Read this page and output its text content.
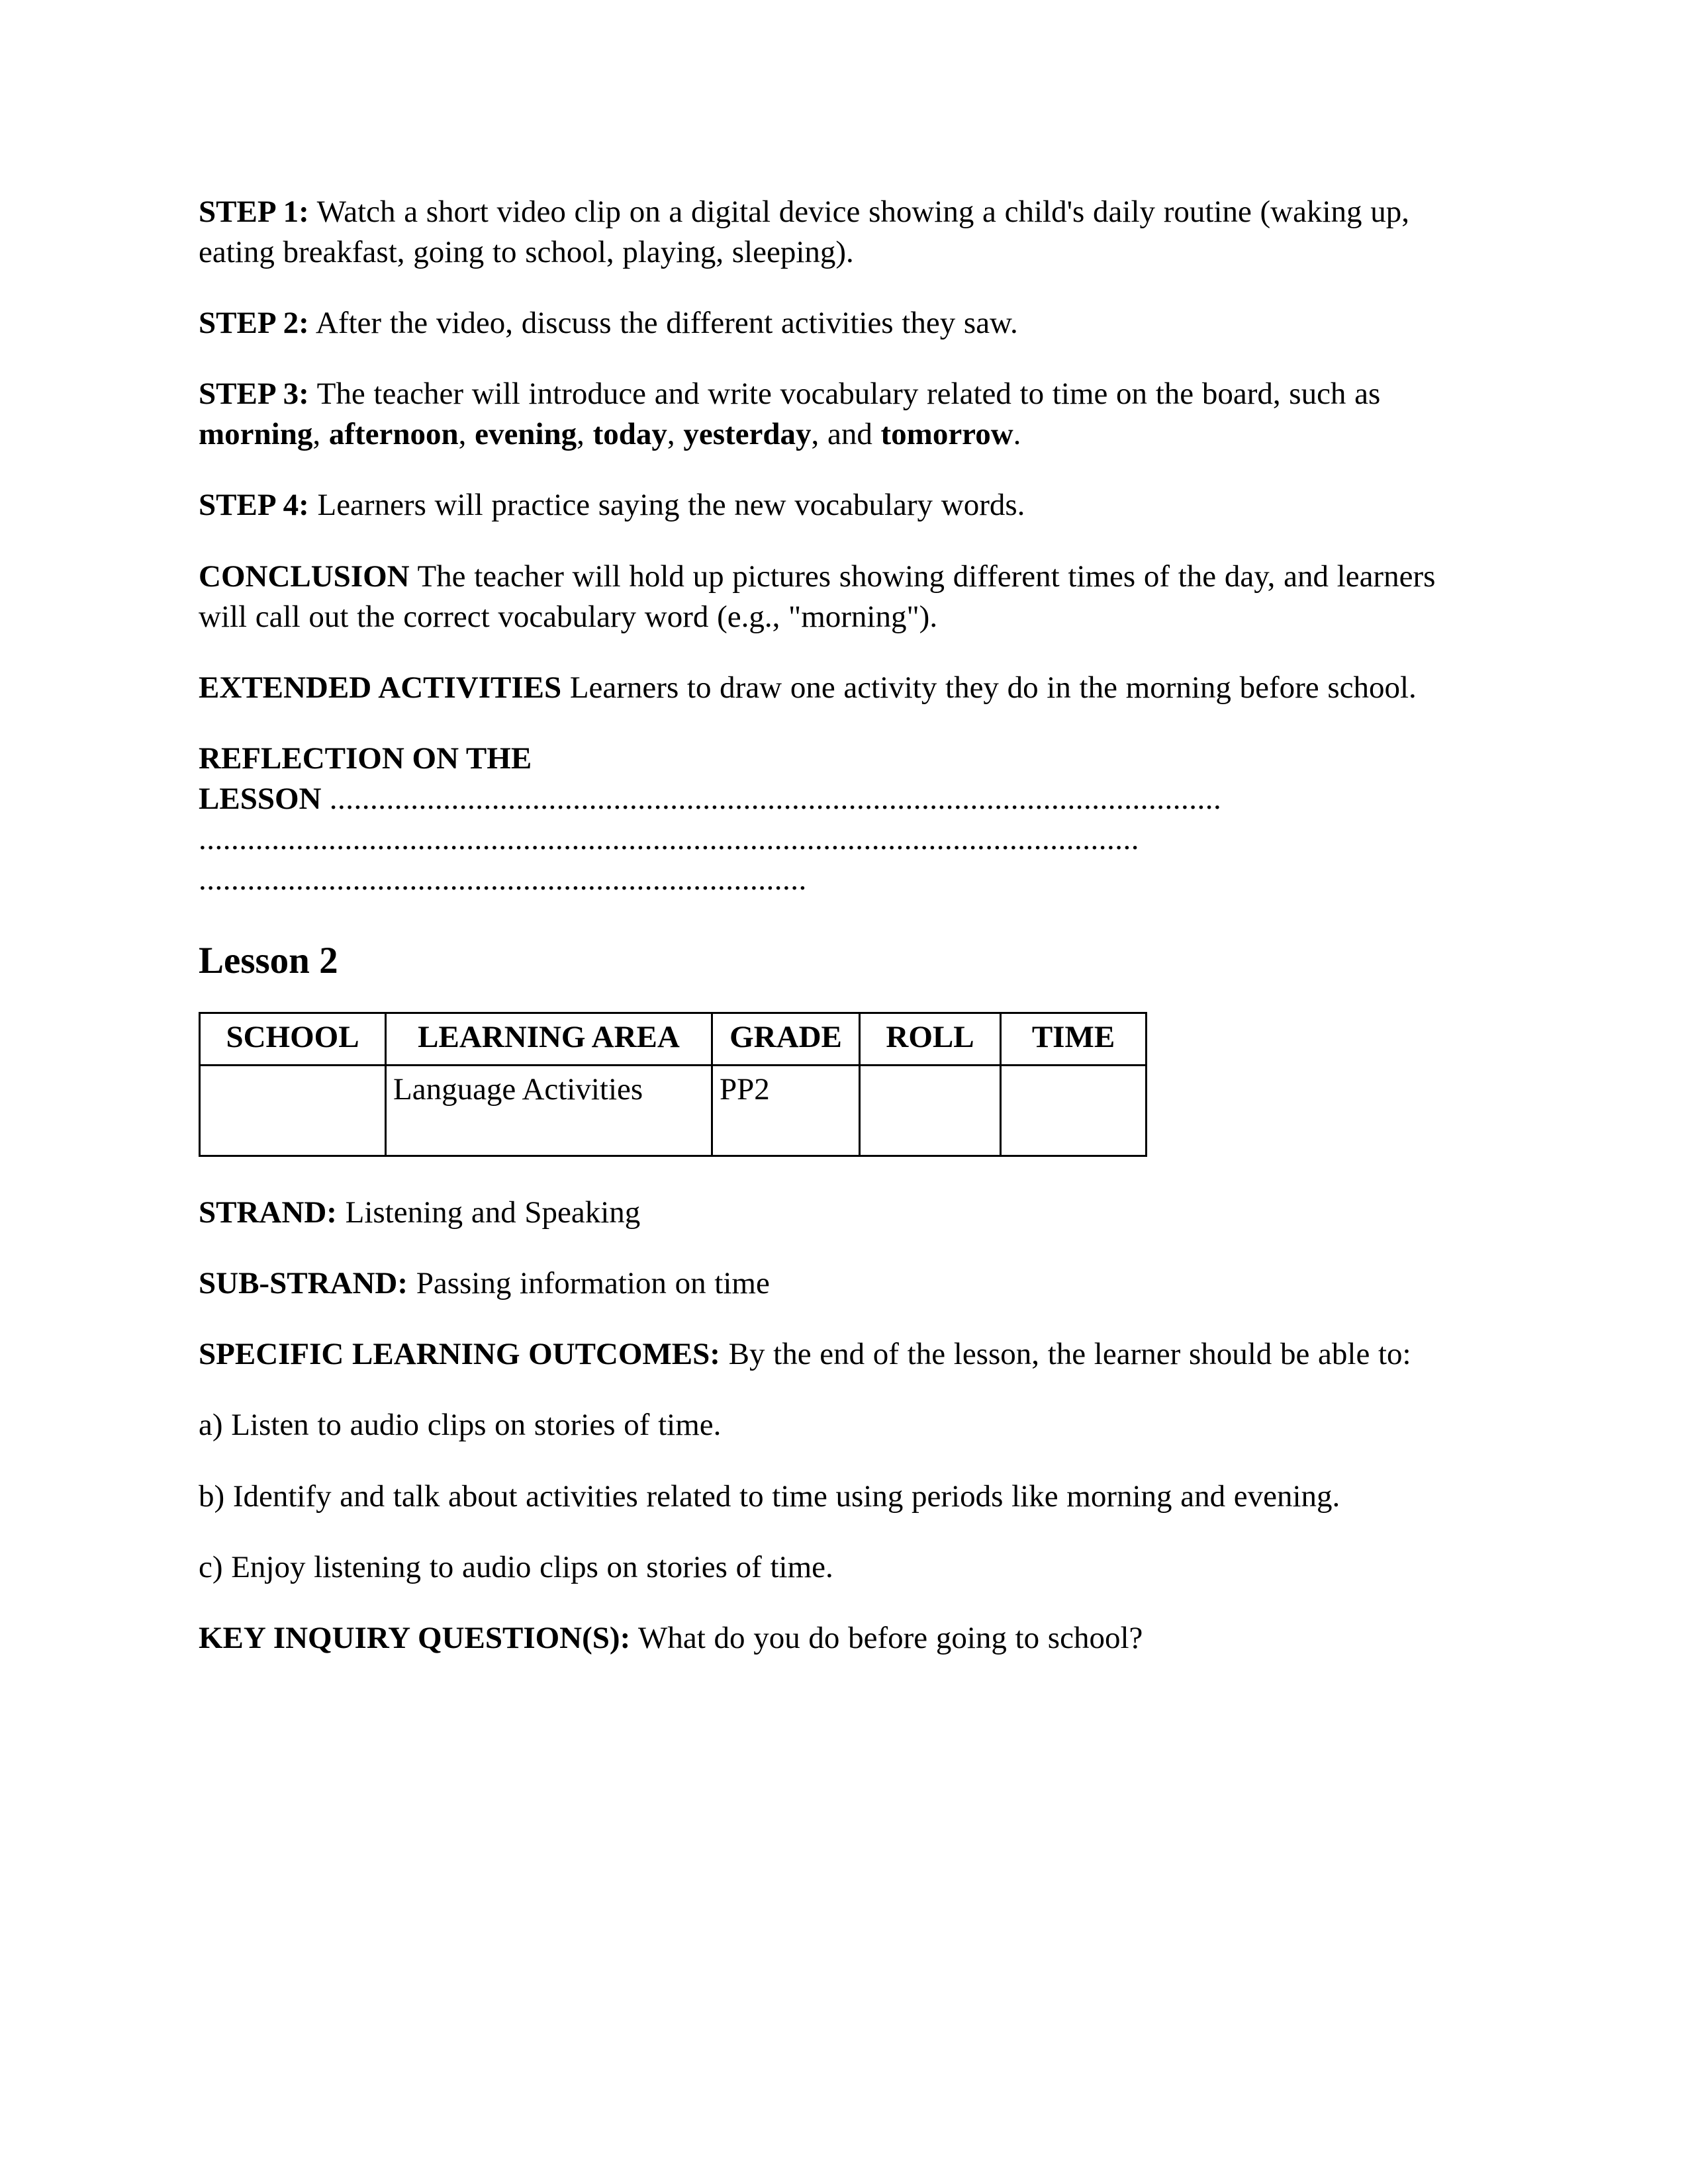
STEP 1: Watch a short video clip on a digital device showing a child's daily routine (waking up, eating breakfast, going to school, playing, sleeping).

STEP 2: After the video, discuss the different activities they saw.

STEP 3: The teacher will introduce and write vocabulary related to time on the board, such as morning, afternoon, evening, today, yesterday, and tomorrow.

STEP 4: Learners will practice saying the new vocabulary words.

CONCLUSION The teacher will hold up pictures showing different times of the day, and learners will call out the correct vocabulary word (e.g., "morning").

EXTENDED ACTIVITIES Learners to draw one activity they do in the morning before school.

REFLECTION ON THE
LESSON ..............................................................................................................
....................................................................................................................
...........................................................................
Lesson 2
SCHOOL	LEARNING AREA	GRADE	ROLL	TIME
	Language Activities	PP2		

STRAND: Listening and Speaking

SUB-STRAND: Passing information on time

SPECIFIC LEARNING OUTCOMES: By the end of the lesson, the learner should be able to:

a) Listen to audio clips on stories of time.

b) Identify and talk about activities related to time using periods like morning and evening.

c) Enjoy listening to audio clips on stories of time.

KEY INQUIRY QUESTION(S): What do you do before going to school?
